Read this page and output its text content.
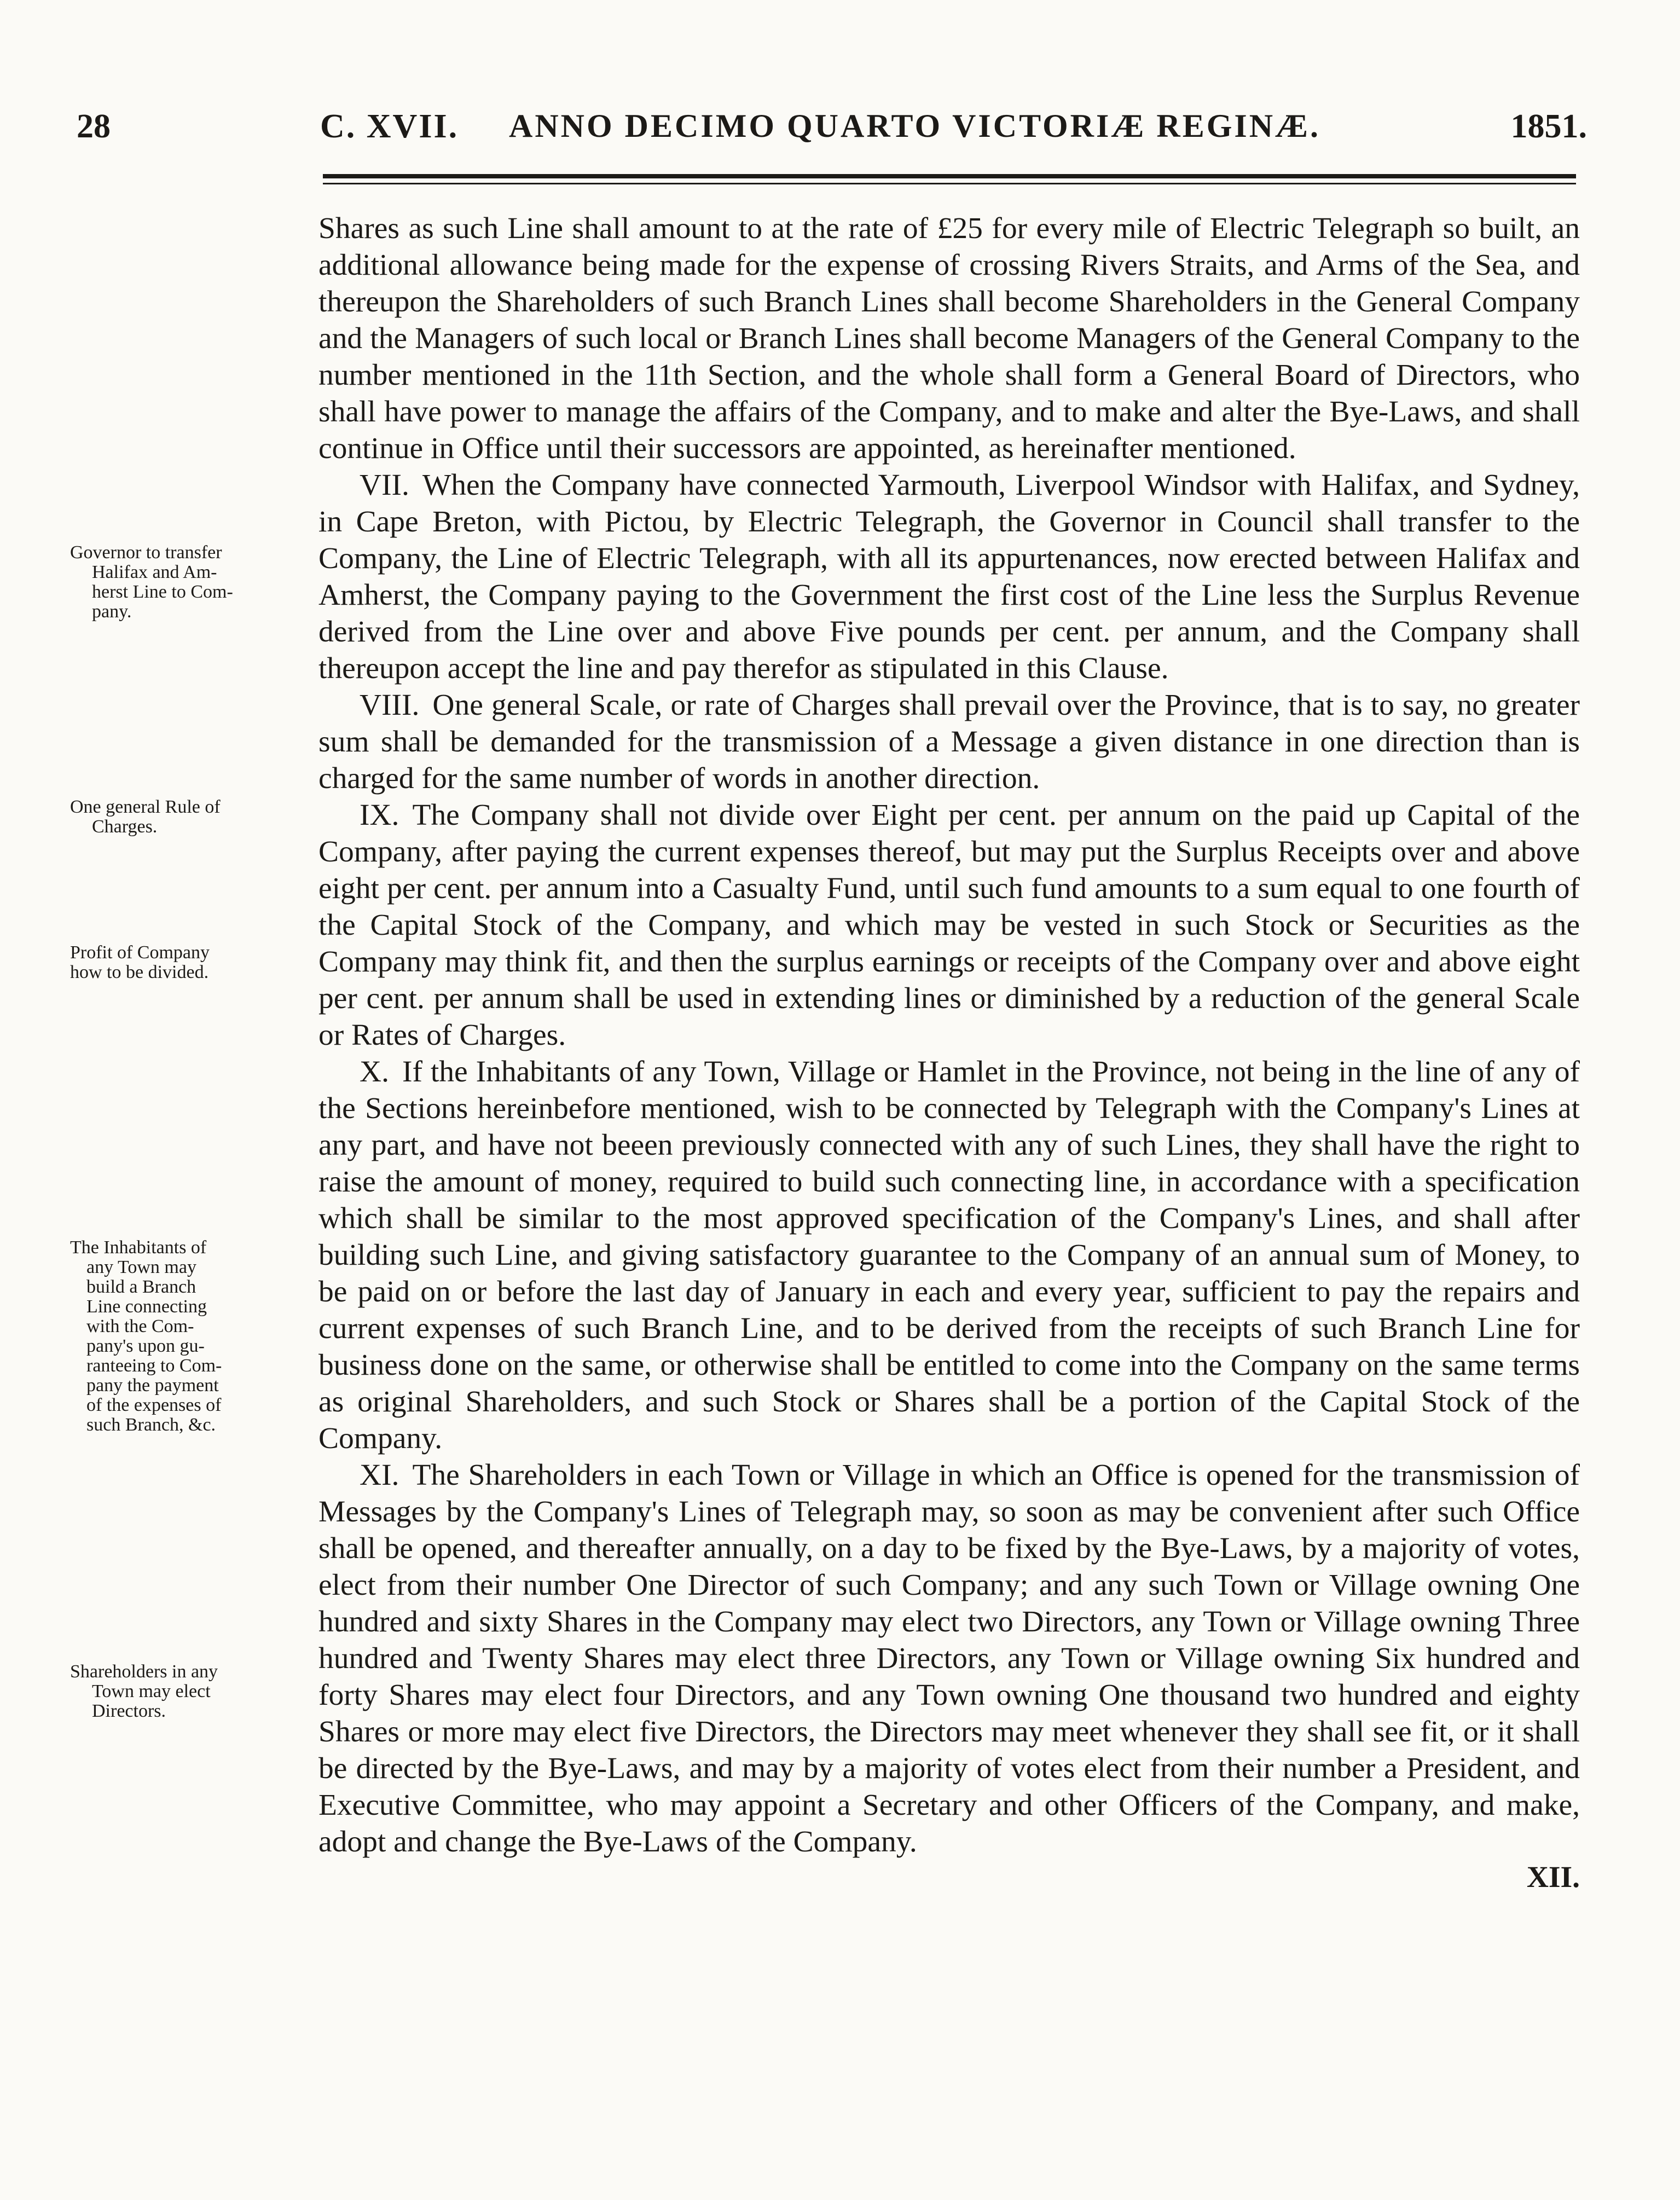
28	C. XVII. ANNO DECIMO QUARTO VICTORIÆ REGINÆ.	1851.

Shares as such Line shall amount to at the rate of £25 for every mile of Electric Telegraph so built, an additional allowance being made for the expense of crossing Rivers Straits, and Arms of the Sea, and thereupon the Shareholders of such Branch Lines shall become Shareholders in the General Company and the Managers of such local or Branch Lines shall become Managers of the General Company to the number mentioned in the 11th Section, and the whole shall form a General Board of Directors, who shall have power to manage the affairs of the Company, and to make and alter the Bye-Laws, and shall continue in Office until their successors are appointed, as hereinafter mentioned.

VII. When the Company have connected Yarmouth, Liverpool Windsor with Halifax, and Sydney, in Cape Breton, with Pictou, by Electric Telegraph, the Governor in Council shall transfer to the Company, the Line of Electric Telegraph, with all its appurtenances, now erected between Halifax and Amherst, the Company paying to the Government the first cost of the Line less the Surplus Revenue derived from the Line over and above Five pounds per cent. per annum, and the Company shall thereupon accept the line and pay therefor as stipulated in this Clause.

VIII. One general Scale, or rate of Charges shall prevail over the Province, that is to say, no greater sum shall be demanded for the transmission of a Message a given distance in one direction than is charged for the same number of words in another direction.

IX. The Company shall not divide over Eight per cent. per annum on the paid up Capital of the Company, after paying the current expenses thereof, but may put the Surplus Receipts over and above eight per cent. per annum into a Casualty Fund, until such fund amounts to a sum equal to one fourth of the Capital Stock of the Company, and which may be vested in such Stock or Securities as the Company may think fit, and then the surplus earnings or receipts of the Company over and above eight per cent. per annum shall be used in extending lines or diminished by a reduction of the general Scale or Rates of Charges.

X. If the Inhabitants of any Town, Village or Hamlet in the Province, not being in the line of any of the Sections hereinbefore mentioned, wish to be connected by Telegraph with the Company's Lines at any part, and have not beeen previously connected with any of such Lines, they shall have the right to raise the amount of money, required to build such connecting line, in accordance with a specification which shall be similar to the most approved specification of the Company's Lines, and shall after building such Line, and giving satisfactory guarantee to the Company of an annual sum of Money, to be paid on or before the last day of January in each and every year, sufficient to pay the repairs and current expenses of such Branch Line, and to be derived from the receipts of such Branch Line for business done on the same, or otherwise shall be entitled to come into the Company on the same terms as original Shareholders, and such Stock or Shares shall be a portion of the Capital Stock of the Company.

XI. The Shareholders in each Town or Village in which an Office is opened for the transmission of Messages by the Company's Lines of Telegraph may, so soon as may be convenient after such Office shall be opened, and thereafter annually, on a day to be fixed by the Bye-Laws, by a majority of votes, elect from their number One Director of such Company; and any such Town or Village owning One hundred and sixty Shares in the Company may elect two Directors, any Town or Village owning Three hundred and Twenty Shares may elect three Directors, any Town or Village owning Six hundred and forty Shares may elect four Directors, and any Town owning One thousand two hundred and eighty Shares or more may elect five Directors, the Directors may meet whenever they shall see fit, or it shall be directed by the Bye-Laws, and may by a majority of votes elect from their number a President, and Executive Committee, who may appoint a Secretary and other Officers of the Company, and make, adopt and change the Bye-Laws of the Company.

XII.
Governor to transfer
Halifax and Am-
herst Line to Com-
pany.
One general Rule of
Charges.
Profit of Company
how to be divided.
The Inhabitants of
any Town may
build a Branch
Line connecting
with the Com-
pany's upon gu-
ranteeing to Com-
pany the payment
of the expenses of
such Branch, &c.
Shareholders in any
Town may elect
Directors.
